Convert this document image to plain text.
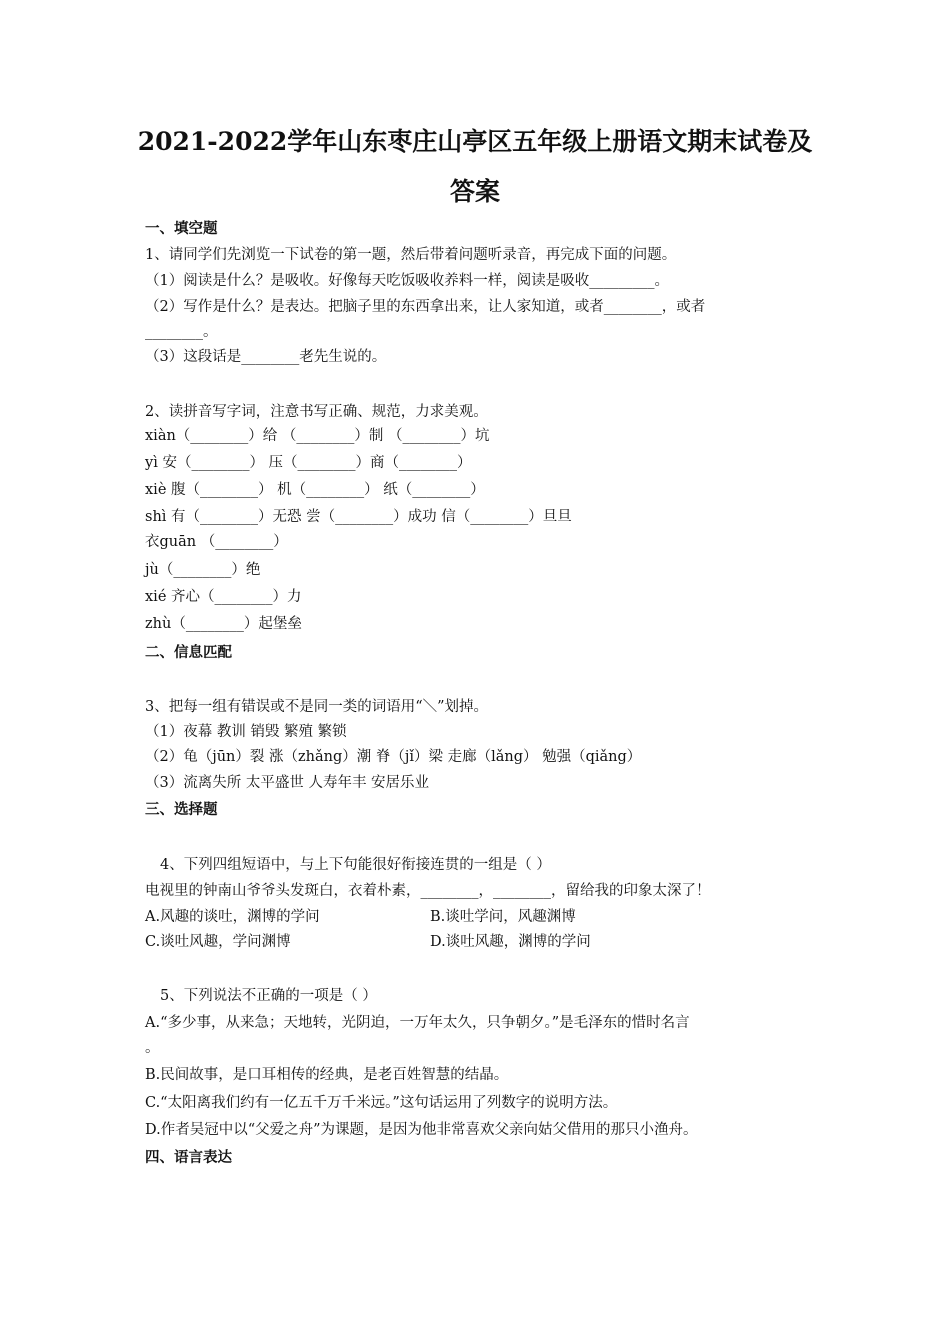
2021-2022学年山东枣庄山亭区五年级上册语文期末试卷及
答案
一、填空题
1、请同学们先浏览一下试卷的第一题，然后带着问题听录音，再完成下面的问题。
（1）阅读是什么？是吸收。好像每天吃饭吸收养料一样，阅读是吸收_________。
（2）写作是什么？是表达。把脑子里的东西拿出来，让人家知道，或者________，或者
________。
（3）这段话是________老先生说的。
2、读拼音写字词，注意书写正确、规范，力求美观。
xiàn（________）给 （________）制 （________）坑
yì 安（________） 压（________）商（________）
xiè 腹（________） 机（________） 纸（________）
shì 有（________）无恐 尝（________）成功 信（________）旦旦
衣guān （________）
jù（________）绝
xié 齐心（________）力
zhù（________）起堡垒
二、信息匹配
3、把每一组有错误或不是同一类的词语用“＼”划掉。
（1）夜幕 教训 销毁 繁殖 繁锁
（2）龟（jūn）裂 涨（zhǎng）潮 脊（jǐ）梁 走廊（lǎng） 勉强（qiǎng）
（3）流离失所 太平盛世 人寿年丰 安居乐业
三、选择题
4、下列四组短语中，与上下句能很好衔接连贯的一组是（ ）
电视里的钟南山爷爷头发斑白，衣着朴素，________，________，留给我的印象太深了！
A.风趣的谈吐，渊博的学问	B.谈吐学问，风趣渊博
C.谈吐风趣，学问渊博	D.谈吐风趣，渊博的学问
5、下列说法不正确的一项是（ ）
A.“多少事，从来急；天地转，光阴迫，一万年太久，只争朝夕。”是毛泽东的惜时名言
。
B.民间故事，是口耳相传的经典，是老百姓智慧的结晶。
C.“太阳离我们约有一亿五千万千米远。”这句话运用了列数字的说明方法。
D.作者吴冠中以“父爱之舟”为课题，是因为他非常喜欢父亲向姑父借用的那只小渔舟。
四、语言表达
